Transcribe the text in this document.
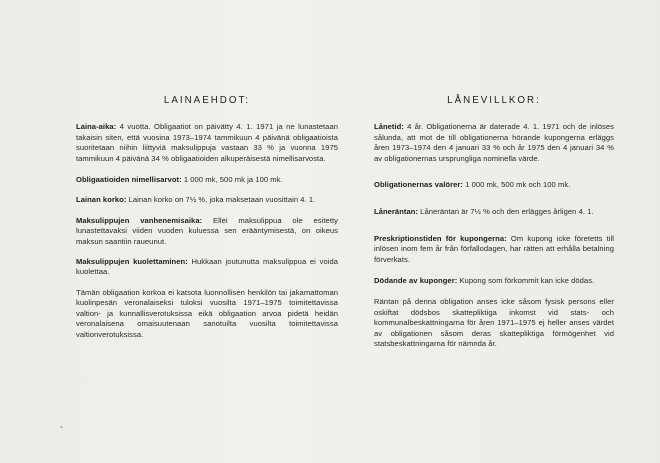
LAINAEHDOT:

Laina-aika: 4 vuotta. Obligaatiot on päivätty 4. 1. 1971 ja ne lunastetaan takaisin siten, että vuosina 1973–1974 tammikuun 4 päivänä obligaatioista suoritetaan niihin liittyviä maksulippuja vastaan 33 % ja vuonna 1975 tammikuun 4 päivänä 34 % obligaatioiden alkuperäisestä nimellisarvosta.

Obligaatioiden nimellisarvot: 1 000 mk, 500 mk ja 100 mk.

Lainan korko: Lainan korko on 7½ %, joka maksetaan vuosittain 4. 1.

Maksulippujen vanhenemisaika: Ellei maksulippua ole esitetty lunastettavaksi viiden vuoden kuluessa sen erääntymisestä, on oikeus maksun saantiin raueunut.

Maksulippujen kuolettaminen: Hukkaan joutunutta maksulippua ei voida kuolettaa.

Tämän obligaation korkoa ei katsota luonnollisen henkilön tai jakamattoman kuolinpesän veronalaiseksi tuloksi vuosilta 1971–1975 toimitettavissa valtion- ja kunnallisverotuksissa eikä obligaation arvoa pidetä heidän veronalaisena omaisuutenaan sanotuilta vuosilta toimitettavissa valtionverotuksissa.

LÅNEVILLKOR:

Lånetid: 4 år. Obligationerna är daterade 4. 1. 1971 och de inlöses sålunda, att mot de till obligationerna hörande kupongerna erläggs åren 1973–1974 den 4 januari 33 % och år 1975 den 4 januari 34 % av obligationernas ursprungliga nominella värde.

Obligationernas valörer: 1 000 mk, 500 mk och 100 mk.

Låneräntan: Låneräntan är 7½ % och den erlägges årligen 4. 1.

Preskriptionstiden för kupongerna: Om kupong icke företetts till inlösen inom fem år från förfallodagen, har rätten att erhålla betalning förverkats.

Dödande av kuponger: Kupong som förkommit kan icke dödas.

Räntan på denna obligation anses icke såsom fysisk persons eller oskiftat dödsbos skattepliktiga inkomst vid stats- och kommunalbeskattningarna för åren 1971–1975 ej heller anses värdet av obligationen såsom deras skattepliktiga förmögenhet vid statsbeskattningarna för nämnda år.
